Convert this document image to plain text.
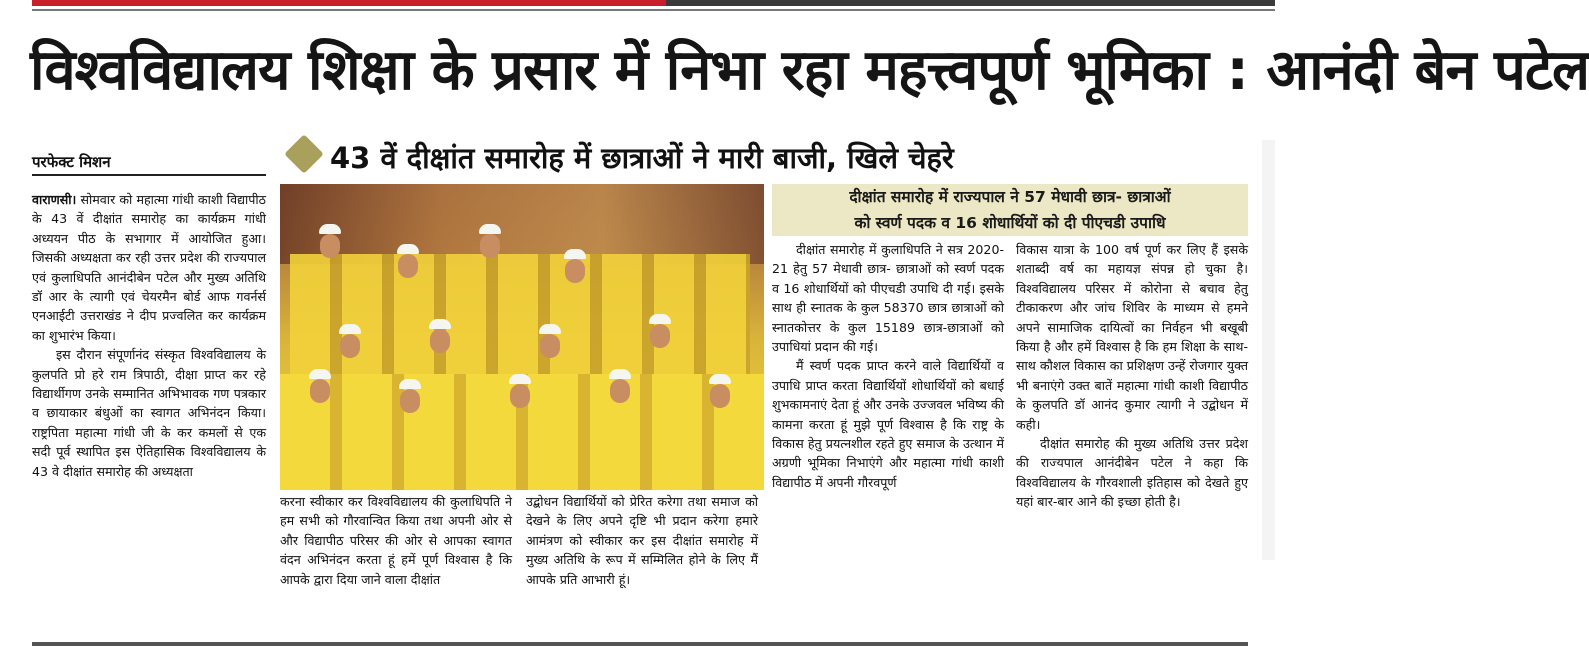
विश्वविद्यालय शिक्षा के प्रसार में निभा रहा महत्त्वपूर्ण भूमिका : आनंदी बेन पटेल
परफेक्ट मिशन	43 वें दीक्षांत समारोह में छात्राओं ने मारी बाजी, खिले चेहरे

वाराणसी। सोमवार को महात्मा गांधी काशी विद्यापीठ के 43 वें दीक्षांत समारोह का कार्यक्रम गांधी अध्ययन पीठ के सभागार में आयोजित हुआ। जिसकी अध्यक्षता कर रही उत्तर प्रदेश की राज्यपाल एवं कुलाधिपति आनंदीबेन पटेल और मुख्य अतिथि डॉ आर के त्यागी एवं चेयरमैन बोर्ड आफ गवर्नर्स एनआईटी उत्तराखंड ने दीप प्रज्वलित कर कार्यक्रम का शुभारंभ किया।

इस दौरान संपूर्णानंद संस्कृत विश्वविद्यालय के कुलपति प्रो हरे राम त्रिपाठी, दीक्षा प्राप्त कर रहे विद्यार्थीगण उनके सम्मानित अभिभावक गण पत्रकार व छायाकार बंधुओं का स्वागत अभिनंदन किया। राष्ट्रपिता महात्मा गांधी जी के कर कमलों से एक सदी पूर्व स्थापित इस ऐतिहासिक विश्वविद्यालय के 43 वे दीक्षांत समारोह की अध्यक्षता

करना स्वीकार कर विश्वविद्यालय की कुलाधिपति ने हम सभी को गौरवान्वित किया तथा अपनी ओर से और विद्यापीठ परिसर की ओर से आपका स्वागत वंदन अभिनंदन करता हूं हमें पूर्ण विश्वास है कि आपके द्वारा दिया जाने वाला दीक्षांत
उद्बोधन विद्यार्थियों को प्रेरित करेगा तथा समाज को देखने के लिए अपने दृष्टि भी प्रदान करेगा हमारे आमंत्रण को स्वीकार कर इस दीक्षांत समारोह में मुख्य अतिथि के रूप में सम्मिलित होने के लिए मैं आपके प्रति आभारी हूं।
दीक्षांत समारोह में राज्यपाल ने 57 मेधावी छात्र- छात्राओं
को स्वर्ण पदक व 16 शोधार्थियों को दी पीएचडी उपाधि

दीक्षांत समारोह में कुलाधिपति ने सत्र 2020- 21 हेतु 57 मेधावी छात्र- छात्राओं को स्वर्ण पदक व 16 शोधार्थियों को पीएचडी उपाधि दी गई। इसके साथ ही स्नातक के कुल 58370 छात्र छात्राओं को स्नातकोत्तर के कुल 15189 छात्र-छात्राओं को उपाधियां प्रदान की गई।

मैं स्वर्ण पदक प्राप्त करने वाले विद्यार्थियों व उपाधि प्राप्त करता विद्यार्थियों शोधार्थियों को बधाई शुभकामनाएं देता हूं और उनके उज्जवल भविष्य की कामना करता हूं मुझे पूर्ण विश्वास है कि राष्ट्र के विकास हेतु प्रयत्नशील रहते हुए समाज के उत्थान में अग्रणी भूमिका निभाएंगे और महात्मा गांधी काशी विद्यापीठ में अपनी गौरवपूर्ण

विकास यात्रा के 100 वर्ष पूर्ण कर लिए हैं इसके शताब्दी वर्ष का महायज्ञ संपन्न हो चुका है। विश्वविद्यालय परिसर में कोरोना से बचाव हेतु टीकाकरण और जांच शिविर के माध्यम से हमने अपने सामाजिक दायित्वों का निर्वहन भी बखूबी किया है और हमें विश्वास है कि हम शिक्षा के साथ-साथ कौशल विकास का प्रशिक्षण उन्हें रोजगार युक्त भी बनाएंगे उक्त बातें महात्मा गांधी काशी विद्यापीठ के कुलपति डॉ आनंद कुमार त्यागी ने उद्बोधन में कही।

दीक्षांत समारोह की मुख्य अतिथि उत्तर प्रदेश की राज्यपाल आनंदीबेन पटेल ने कहा कि विश्वविद्यालय के गौरवशाली इतिहास को देखते हुए यहां बार-बार आने की इच्छा होती है।
